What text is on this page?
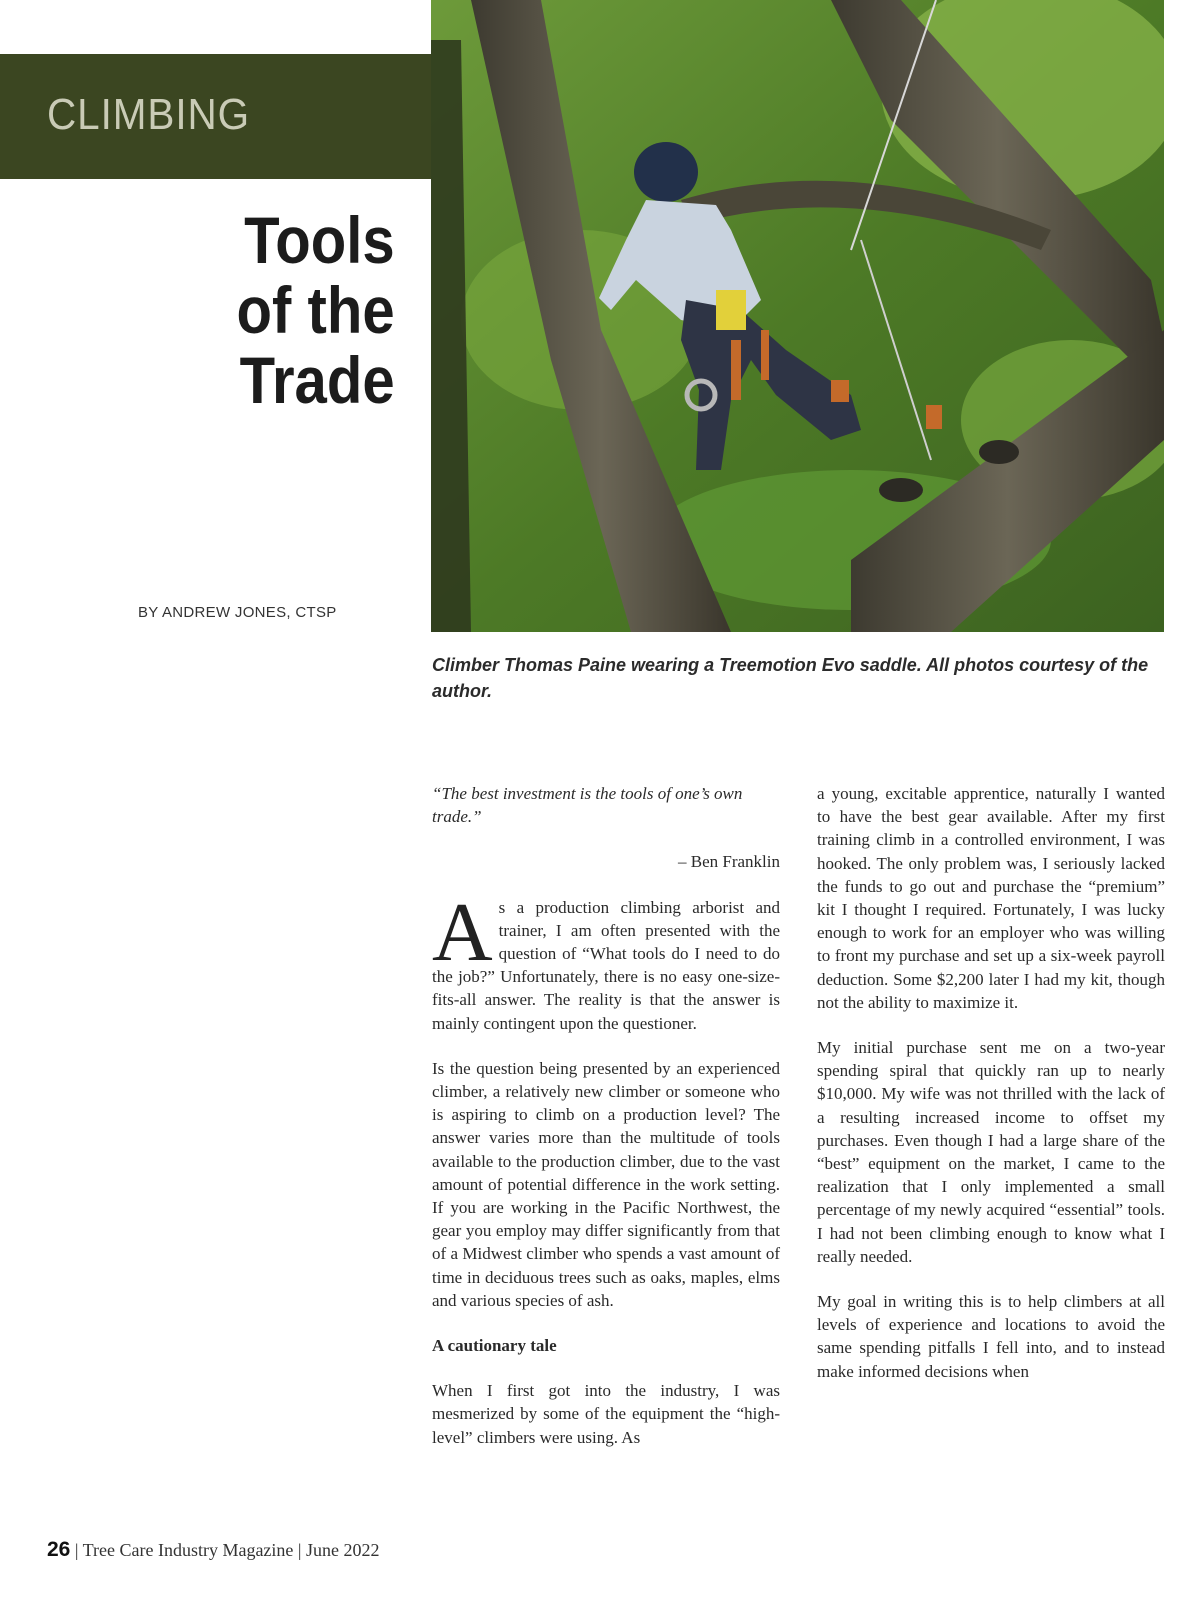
CLIMBING
Tools
of the
Trade
BY ANDREW JONES, CTSP
Climber Thomas Paine wearing a Treemotion Evo saddle. All photos courtesy of the author.

“The best investment is the tools of one’s own trade.”

– Ben Franklin

As a production climbing arborist and trainer, I am often presented with the question of “What tools do I need to do the job?” Unfortunately, there is no easy one-size-fits-all answer. The reality is that the answer is mainly contingent upon the questioner.

Is the question being presented by an experienced climber, a relatively new climber or someone who is aspiring to climb on a production level? The answer varies more than the multitude of tools available to the production climber, due to the vast amount of potential difference in the work setting. If you are working in the Pacific Northwest, the gear you employ may differ significantly from that of a Midwest climber who spends a vast amount of time in deciduous trees such as oaks, maples, elms and various species of ash.

A cautionary tale

When I first got into the industry, I was mesmerized by some of the equipment the “high-level” climbers were using. As

a young, excitable apprentice, naturally I wanted to have the best gear available. After my first training climb in a controlled environment, I was hooked. The only problem was, I seriously lacked the funds to go out and purchase the “premium” kit I thought I required. Fortunately, I was lucky enough to work for an employer who was willing to front my purchase and set up a six-week payroll deduction. Some $2,200 later I had my kit, though not the ability to maximize it.

My initial purchase sent me on a two-year spending spiral that quickly ran up to nearly $10,000. My wife was not thrilled with the lack of a resulting increased income to offset my purchases. Even though I had a large share of the “best” equipment on the market, I came to the realization that I only implemented a small percentage of my newly acquired “essential” tools. I had not been climbing enough to know what I really needed.

My goal in writing this is to help climbers at all levels of experience and locations to avoid the same spending pitfalls I fell into, and to instead make informed decisions when

26 | Tree Care Industry Magazine | June 2022
